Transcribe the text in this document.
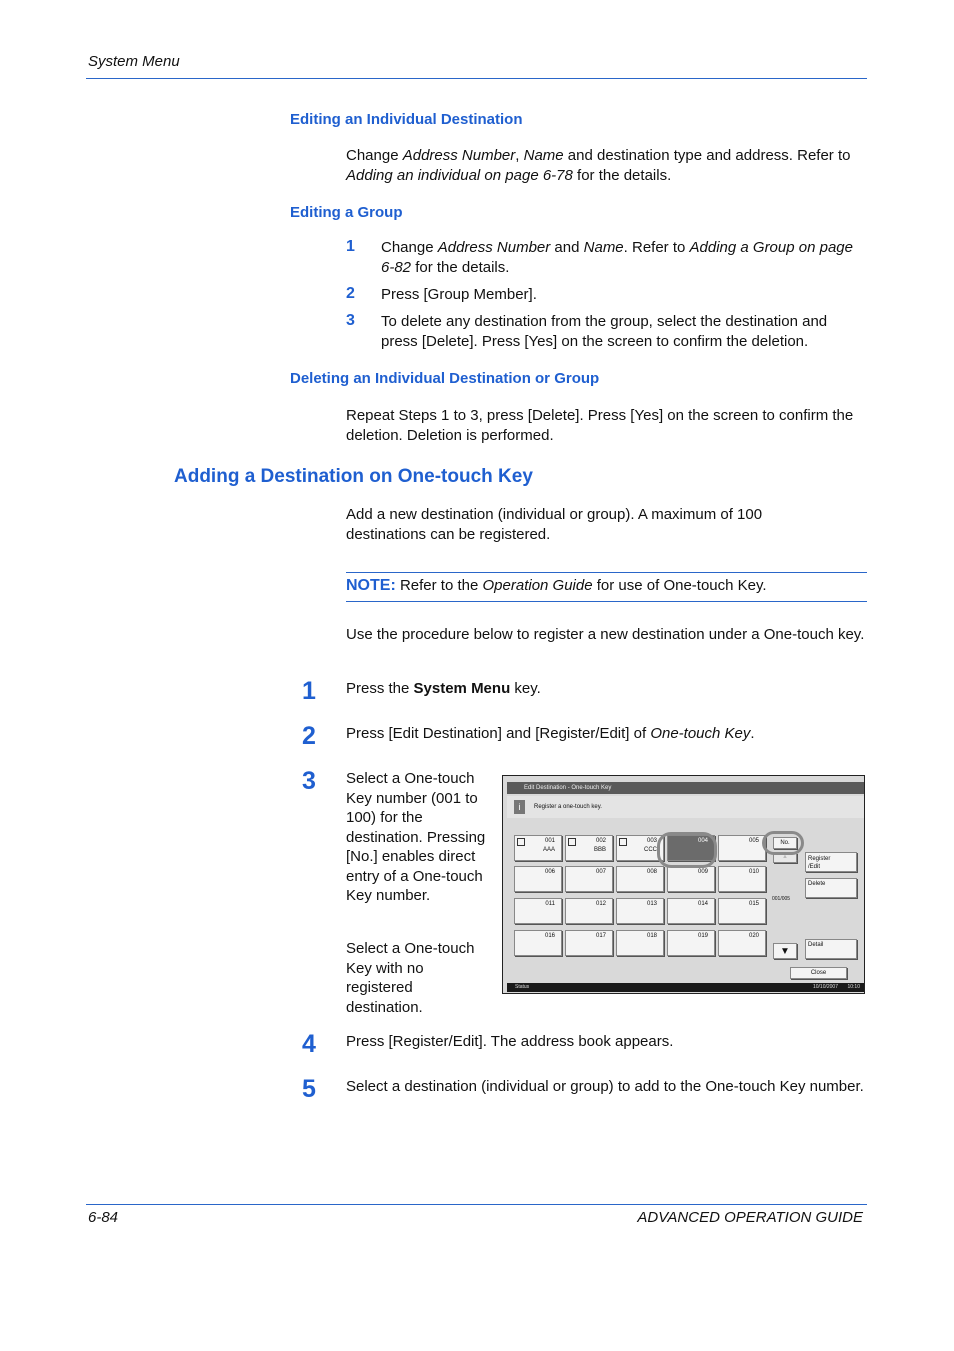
System Menu
Editing an Individual Destination
Change Address Number, Name and destination type and address. Refer to Adding an individual on page 6-78 for the details.
Editing a Group
1 Change Address Number and Name. Refer to Adding a Group on page 6-82 for the details.
2 Press [Group Member].
3 To delete any destination from the group, select the destination and press [Delete]. Press [Yes] on the screen to confirm the deletion.
Deleting an Individual Destination or Group
Repeat Steps 1 to 3, press [Delete]. Press [Yes] on the screen to confirm the deletion. Deletion is performed.
Adding a Destination on One-touch Key
Add a new destination (individual or group). A maximum of 100 destinations can be registered.
NOTE: Refer to the Operation Guide for use of One-touch Key.
Use the procedure below to register a new destination under a One-touch key.
1 Press the System Menu key.
2 Press [Edit Destination] and [Register/Edit] of One-touch Key.
3 Select a One-touch Key number (001 to 100) for the destination. Pressing [No.] enables direct entry of a One-touch Key number.
Select a One-touch Key with no registered destination.
Edit Destination - One-touch Key
Register a one-touch key.
i
001
AAA
002
BBB
003
CCC
004	005
006	007	008	009	010
011	012	013	014	015
016	017	018	019	020
No.
▲
001/005
▼
Register
/Edit
Delete
Detail
Close
Status	10/10/2007 10:10
4 Press [Register/Edit]. The address book appears.
5 Select a destination (individual or group) to add to the One-touch Key number.
6-84	ADVANCED OPERATION GUIDE
